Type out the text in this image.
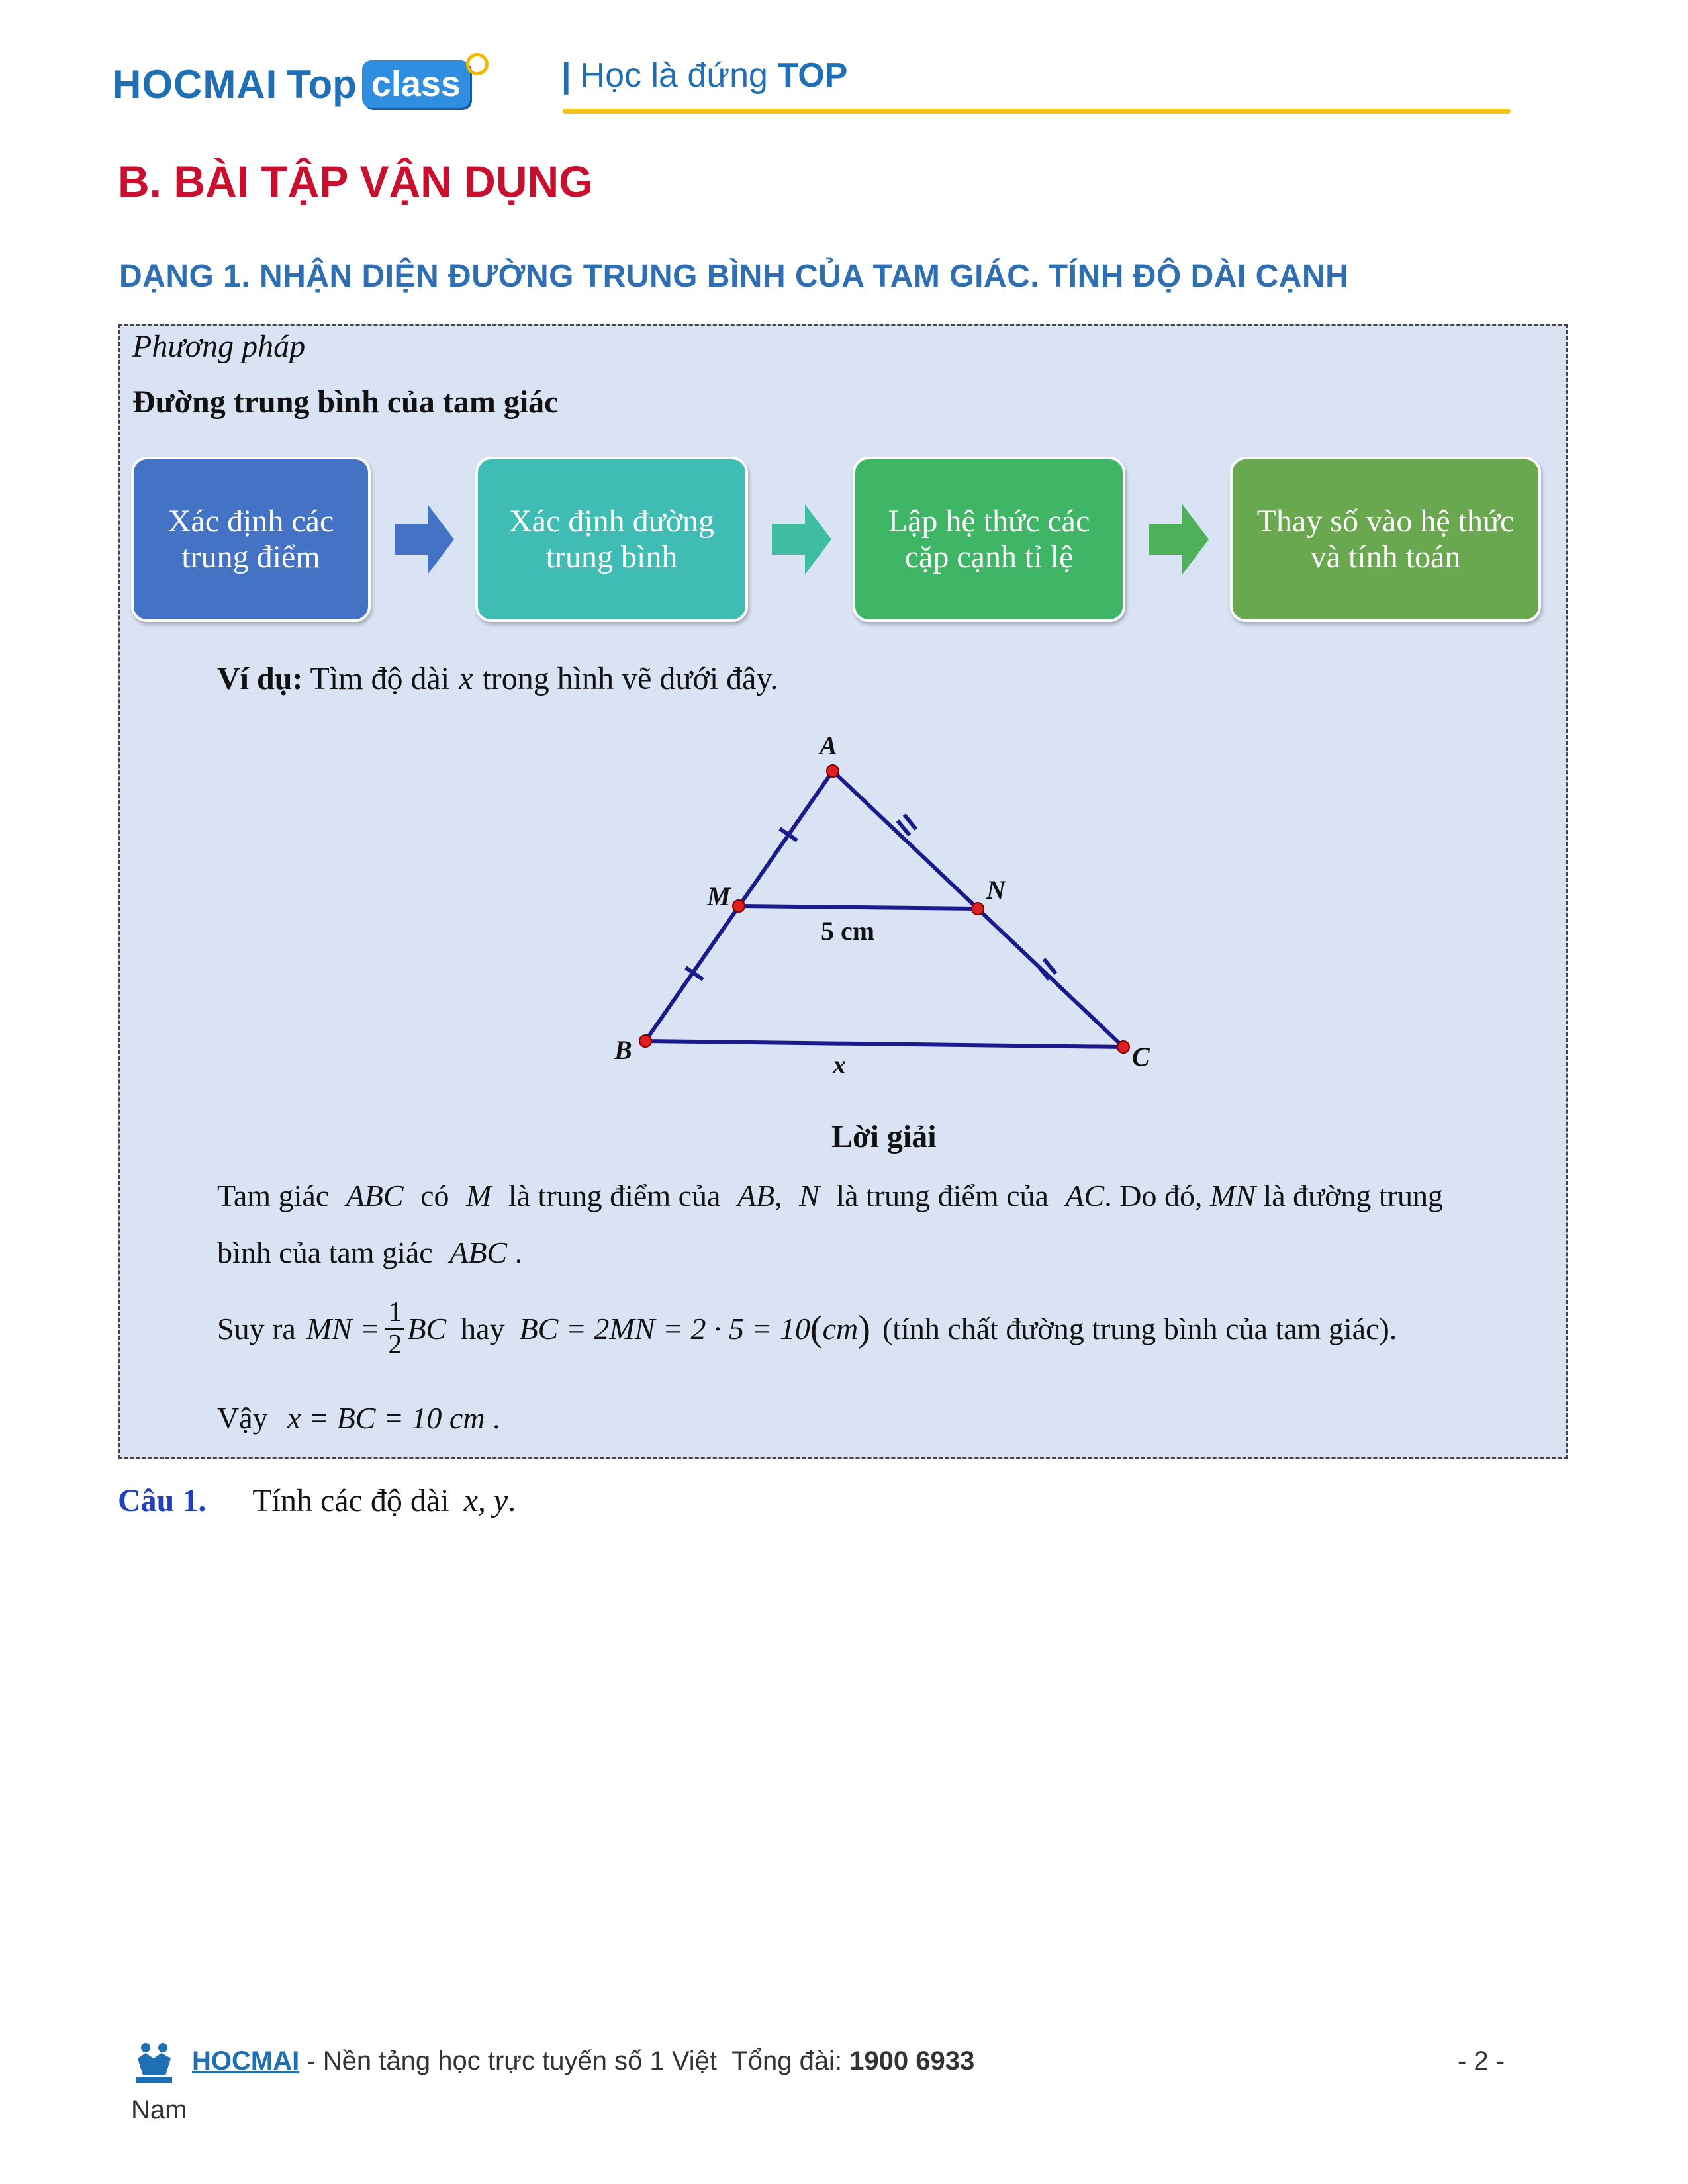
HOCMAI Top class	| Học là đứng TOP
B. BÀI TẬP VẬN DỤNG
DẠNG 1. NHẬN DIỆN ĐƯỜNG TRUNG BÌNH CỦA TAM GIÁC. TÍNH ĐỘ DÀI CẠNH
Phương pháp
Đường trung bình của tam giác
Xác định các
trung điểm
Xác định đường
trung bình
Lập hệ thức các
cặp cạnh tỉ lệ
Thay số vào hệ thức
và tính toán
Ví dụ: Tìm độ dài x trong hình vẽ dưới đây.
A
M	N
B	C
x
5 cm
Lời giải
Tam giác ABC có M là trung điểm của AB, N là trung điểm của AC. Do đó, MN là đường trung
bình của tam giác ABC .
Suy ra MN = $\frac{1}{2}$ BC hay BC = 2MN = 2 · 5 = 10 ( cm ) (tính chất đường trung bình của tam giác).
Vậy x = BC = 10 cm .
Câu 1. Tính các độ dài x, y.
HOCMAI - Nền tảng học trực tuyến số 1 Việt Tổng đài: 1900 6933
Nam
- 2 -
